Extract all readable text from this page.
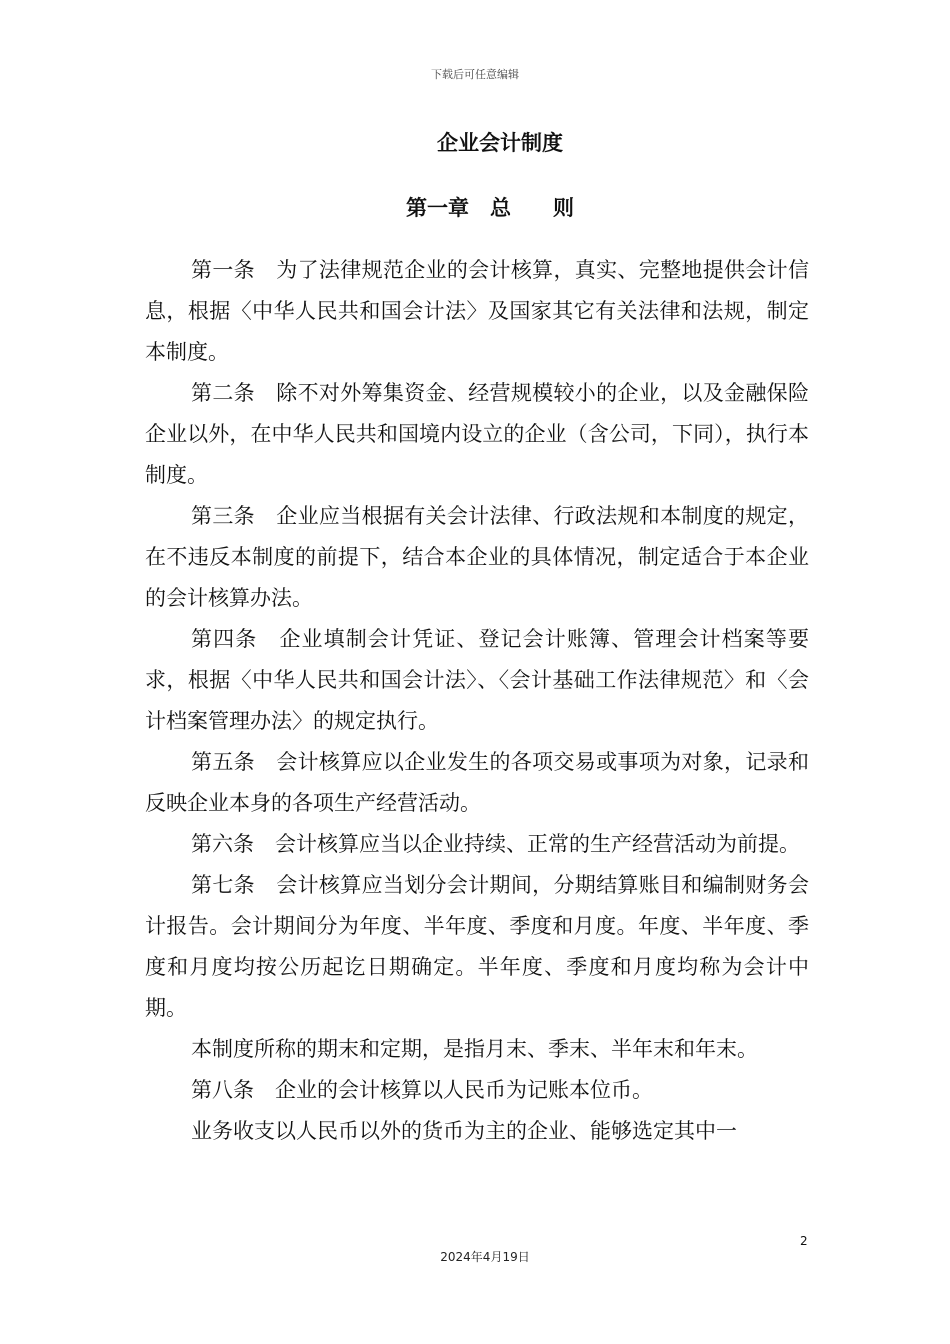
下载后可任意编辑
企业会计制度
第一章　总　　则

第一条　为了法律规范企业的会计核算，真实、完整地提供会计信息，根据〈中华人民共和国会计法〉及国家其它有关法律和法规，制定本制度。

第二条　除不对外筹集资金、经营规模较小的企业，以及金融保险企业以外，在中华人民共和国境内设立的企业（含公司，下同），执行本制度。

第三条　企业应当根据有关会计法律、行政法规和本制度的规定，在不违反本制度的前提下，结合本企业的具体情况，制定适合于本企业的会计核算办法。

第四条　企业填制会计凭证、登记会计账簿、管理会计档案等要求，根据〈中华人民共和国会计法〉、〈会计基础工作法律规范〉和〈会计档案管理办法〉的规定执行。

第五条　会计核算应以企业发生的各项交易或事项为对象，记录和反映企业本身的各项生产经营活动。

第六条　会计核算应当以企业持续、正常的生产经营活动为前提。

第七条　会计核算应当划分会计期间，分期结算账目和编制财务会计报告。会计期间分为年度、半年度、季度和月度。年度、半年度、季度和月度均按公历起讫日期确定。半年度、季度和月度均称为会计中期。

本制度所称的期末和定期，是指月末、季末、半年末和年末。

第八条　企业的会计核算以人民币为记账本位币。

业务收支以人民币以外的货币为主的企业、能够选定其中一

2
2024年4月19日
